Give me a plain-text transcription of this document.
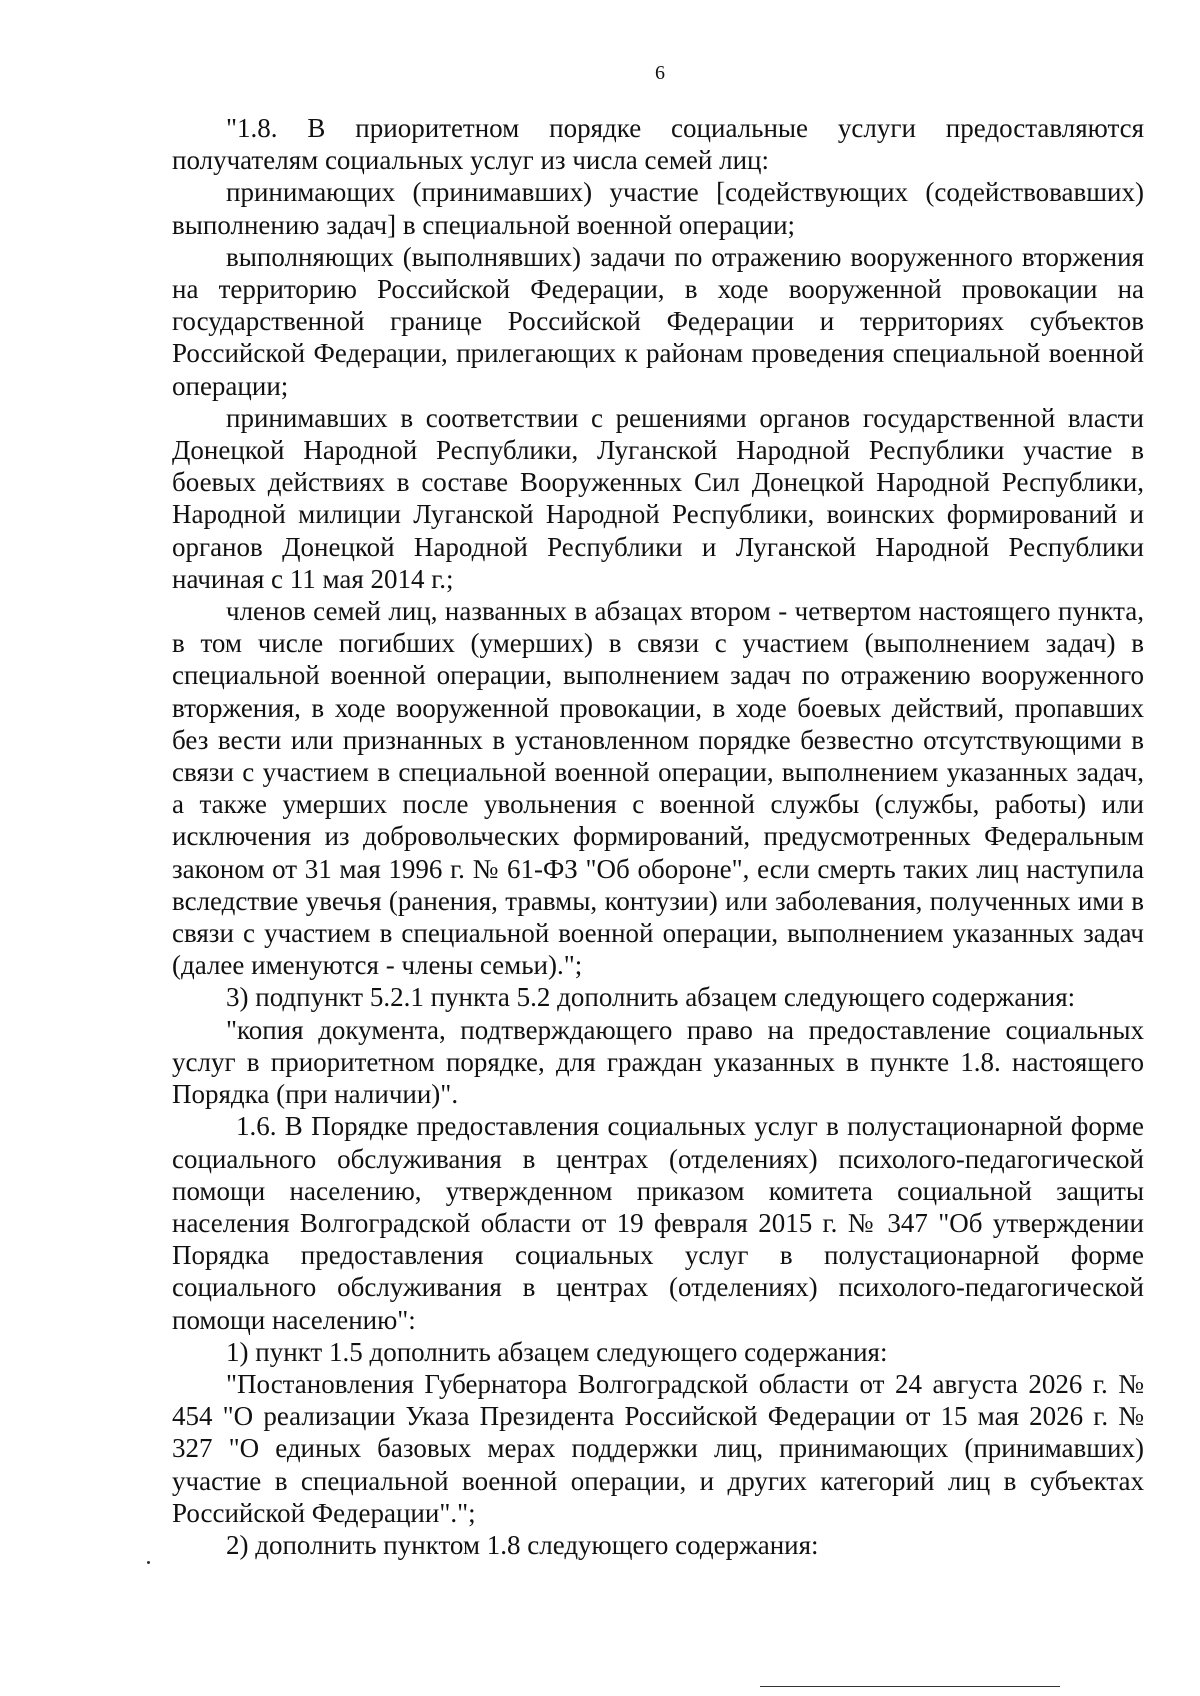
6

"1.8. В приоритетном порядке социальные услуги предоставляются получателям социальных услуг из числа семей лиц:

принимающих (принимавших) участие [содействующих (содействовавших) выполнению задач] в специальной военной операции;

выполняющих (выполнявших) задачи по отражению вооруженного вторжения на территорию Российской Федерации, в ходе вооруженной провокации на государственной границе Российской Федерации и территориях субъектов Российской Федерации, прилегающих к районам проведения специальной военной операции;

принимавших в соответствии с решениями органов государственной власти Донецкой Народной Республики, Луганской Народной Республики участие в боевых действиях в составе Вооруженных Сил Донецкой Народной Республики, Народной милиции Луганской Народной Республики, воинских формирований и органов Донецкой Народной Республики и Луганской Народной Республики начиная с 11 мая 2014 г.;

членов семей лиц, названных в абзацах втором - четвертом настоящего пункта, в том числе погибших (умерших) в связи с участием (выполнением задач) в специальной военной операции, выполнением задач по отражению вооруженного вторжения, в ходе вооруженной провокации, в ходе боевых действий, пропавших без вести или признанных в установленном порядке безвестно отсутствующими в связи с участием в специальной военной операции, выполнением указанных задач, а также умерших после увольнения с военной службы (службы, работы) или исключения из добровольческих формирований, предусмотренных Федеральным законом от 31 мая 1996 г. № 61-ФЗ "Об обороне", если смерть таких лиц наступила вследствие увечья (ранения, травмы, контузии) или заболевания, полученных ими в связи с участием в специальной военной операции, выполнением указанных задач (далее именуются - члены семьи).";

3) подпункт 5.2.1 пункта 5.2 дополнить абзацем следующего содержания:

"копия документа, подтверждающего право на предоставление социальных услуг в приоритетном порядке, для граждан указанных в пункте 1.8. настоящего Порядка (при наличии)".

1.6. В Порядке предоставления социальных услуг в полустационарной форме социального обслуживания в центрах (отделениях) психолого-педагогической помощи населению, утвержденном приказом комитета социальной защиты населения Волгоградской области от 19 февраля 2015 г. № 347 "Об утверждении Порядка предоставления социальных услуг в полустационарной форме социального обслуживания в центрах (отделениях) психолого-педагогической помощи населению":

1) пункт 1.5 дополнить абзацем следующего содержания:

"Постановления Губернатора Волгоградской области от 24 августа 2026 г. № 454 "О реализации Указа Президента Российской Федерации от 15 мая 2026 г. № 327 "О единых базовых мерах поддержки лиц, принимающих (принимавших) участие в специальной военной операции, и других категорий лиц в субъектах Российской Федерации".";

2) дополнить пунктом 1.8 следующего содержания:
